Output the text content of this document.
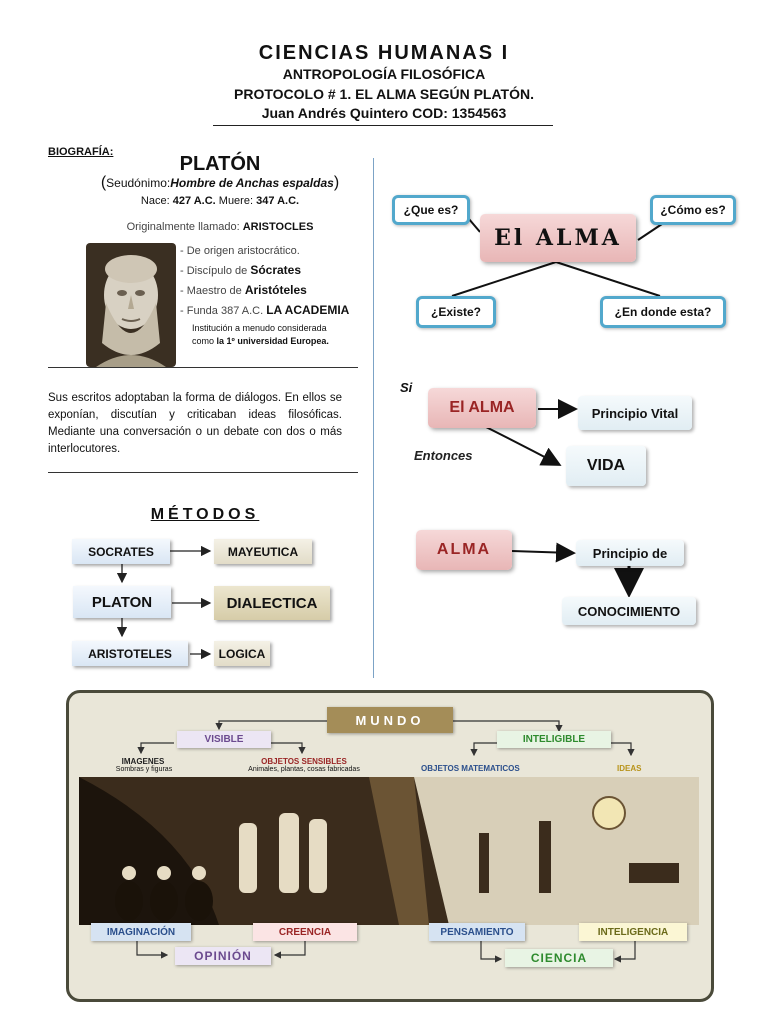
CIENCIAS HUMANAS I
ANTROPOLOGÍA FILOSÓFICA
PROTOCOLO # 1. EL ALMA SEGÚN PLATÓN.
Juan Andrés Quintero COD: 1354563
BIOGRAFÍA:
PLATÓN
(Seudónimo:Hombre de Anchas espaldas)
Nace: 427 A.C. Muere: 347 A.C.
Originalmente llamado: ARISTOCLES
- De origen aristocrático.
- Discípulo de Sócrates
- Maestro de Aristóteles
- Funda 387 A.C. LA ACADEMIA
Institución a menudo considerada
como la 1º universidad Europea.
Sus escritos adoptaban la forma de diálogos. En ellos se exponían, discutían y criticaban ideas filosóficas. Mediante una conversación o un debate con dos o más interlocutores.
MÉTODOS
SOCRATES	MAYEUTICA
PLATON	DIALECTICA
ARISTOTELES	LOGICA
El ALMA
¿Que es?	¿Cómo es?
¿Existe?	¿En donde esta?
Si
El ALMA	Principio Vital
Entonces
VIDA
ALMA	Principio de
CONOCIMIENTO
MUNDO
VISIBLE	INTELIGIBLE
IMAGENES
Sombras y figuras
OBJETOS SENSIBLES
Animales, plantas, cosas fabricadas	OBJETOS MATEMATICOS	IDEAS
IMAGINACIÓN	CREENCIA
OPINIÓN
PENSAMIENTO	INTELIGENCIA
CIENCIA
